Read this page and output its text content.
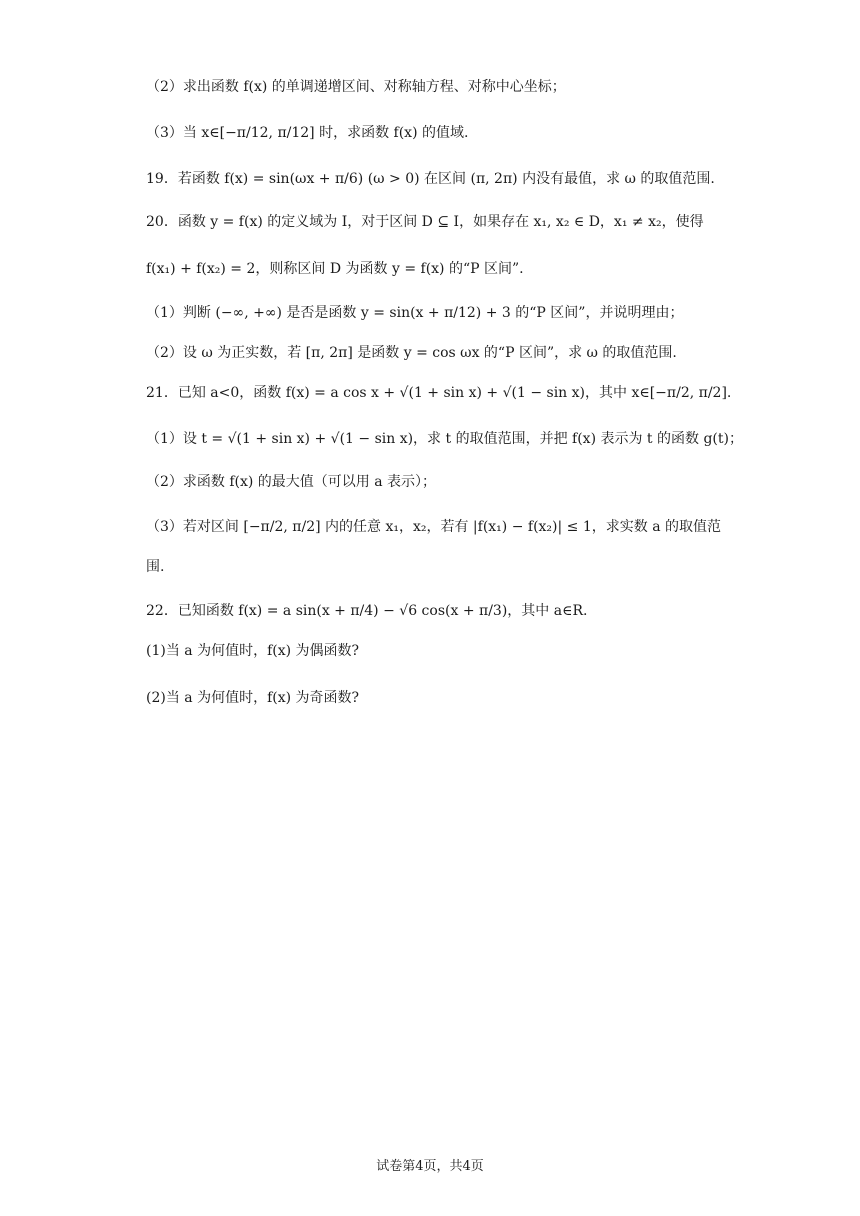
（2）求出函数 f(x) 的单调递增区间、对称轴方程、对称中心坐标；
（3）当 x∈[−π/12, π/12] 时，求函数 f(x) 的值域.
19．若函数 f(x) = sin(ωx + π/6) (ω > 0) 在区间 (π, 2π) 内没有最值，求 ω 的取值范围.
20．函数 y = f(x) 的定义域为 I，对于区间 D ⊆ I，如果存在 x₁, x₂ ∈ D，x₁ ≠ x₂，使得
f(x₁) + f(x₂) = 2，则称区间 D 为函数 y = f(x) 的“P 区间”.
（1）判断 (−∞, +∞) 是否是函数 y = sin(x + π/12) + 3 的“P 区间”，并说明理由；
（2）设 ω 为正实数，若 [π, 2π] 是函数 y = cos ωx 的“P 区间”，求 ω 的取值范围.
21．已知 a<0，函数 f(x) = a cos x + √(1 + sin x) + √(1 − sin x)，其中 x∈[−π/2, π/2].
（1）设 t = √(1 + sin x) + √(1 − sin x)，求 t 的取值范围，并把 f(x) 表示为 t 的函数 g(t)；
（2）求函数 f(x) 的最大值（可以用 a 表示）；
（3）若对区间 [−π/2, π/2] 内的任意 x₁，x₂，若有 |f(x₁) − f(x₂)| ≤ 1，求实数 a 的取值范
围.
22．已知函数 f(x) = a sin(x + π/4) − √6 cos(x + π/3)，其中 a∈R.
(1)当 a 为何值时，f(x) 为偶函数?
(2)当 a 为何值时，f(x) 为奇函数?
试卷第4页，共4页
